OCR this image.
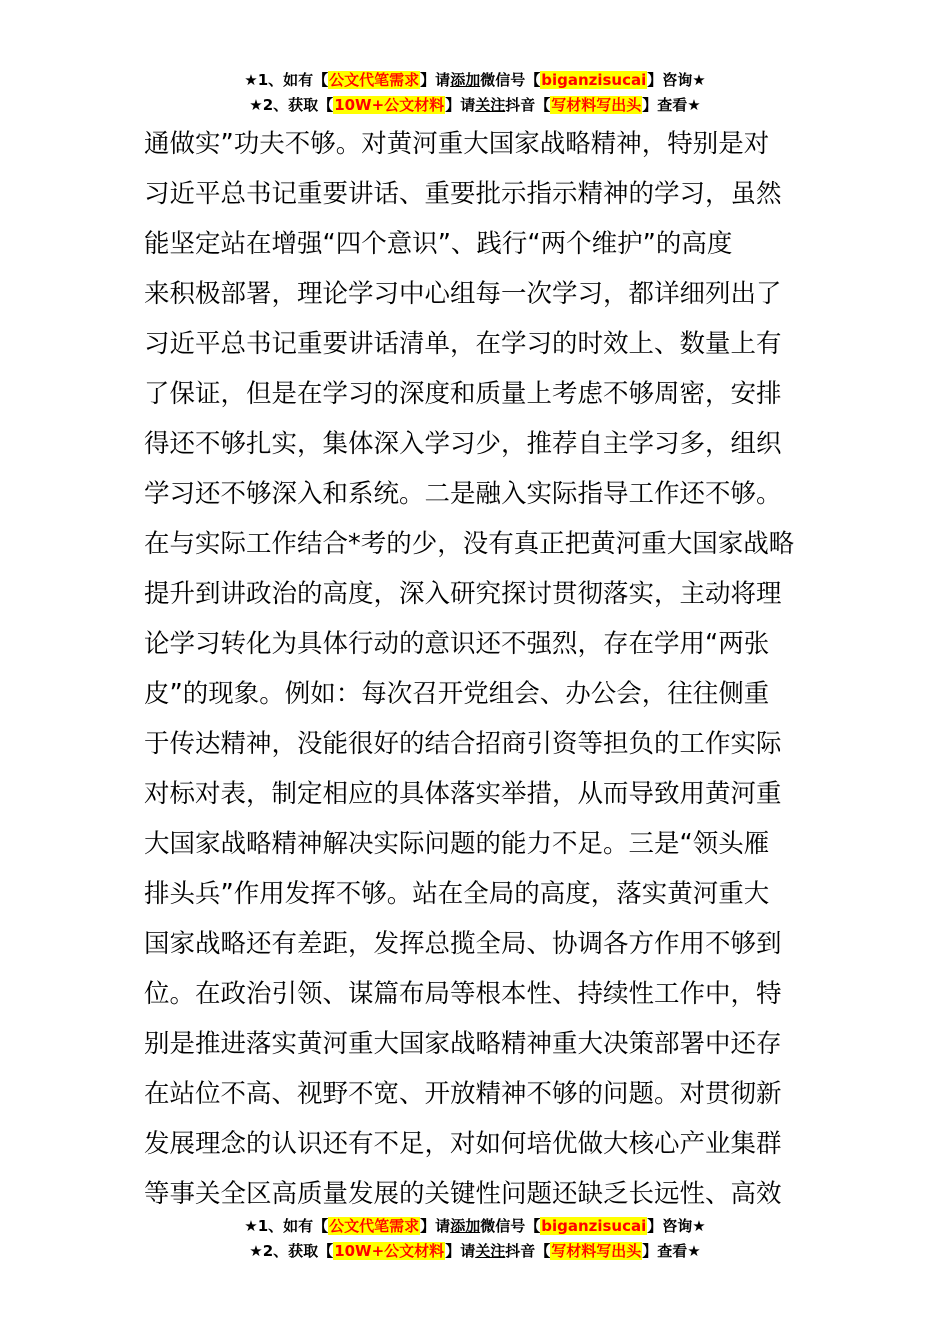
★1、如有【公文代笔需求】请添加微信号【biganzisucai】咨询★
★2、获取【10W+公文材料】请关注抖音【写材料写出头】查看★
通做实”功夫不够。对黄河重大国家战略精神，特别是对
习近平总书记重要讲话、重要批示指示精神的学习，虽然
能坚定站在增强“四个意识”、践行“两个维护”的高度
来积极部署，理论学习中心组每一次学习，都详细列出了
习近平总书记重要讲话清单，在学习的时效上、数量上有
了保证，但是在学习的深度和质量上考虑不够周密，安排
得还不够扎实，集体深入学习少，推荐自主学习多，组织
学习还不够深入和系统。二是融入实际指导工作还不够。
在与实际工作结合*考的少，没有真正把黄河重大国家战略
提升到讲政治的高度，深入研究探讨贯彻落实，主动将理
论学习转化为具体行动的意识还不强烈，存在学用“两张
皮”的现象。例如：每次召开党组会、办公会，往往侧重
于传达精神，没能很好的结合招商引资等担负的工作实际
对标对表，制定相应的具体落实举措，从而导致用黄河重
大国家战略精神解决实际问题的能力不足。三是“领头雁
排头兵”作用发挥不够。站在全局的高度，落实黄河重大
国家战略还有差距，发挥总揽全局、协调各方作用不够到
位。在政治引领、谋篇布局等根本性、持续性工作中，特
别是推进落实黄河重大国家战略精神重大决策部署中还存
在站位不高、视野不宽、开放精神不够的问题。对贯彻新
发展理念的认识还有不足，对如何培优做大核心产业集群
等事关全区高质量发展的关键性问题还缺乏长远性、高效
★1、如有【公文代笔需求】请添加微信号【biganzisucai】咨询★
★2、获取【10W+公文材料】请关注抖音【写材料写出头】查看★
